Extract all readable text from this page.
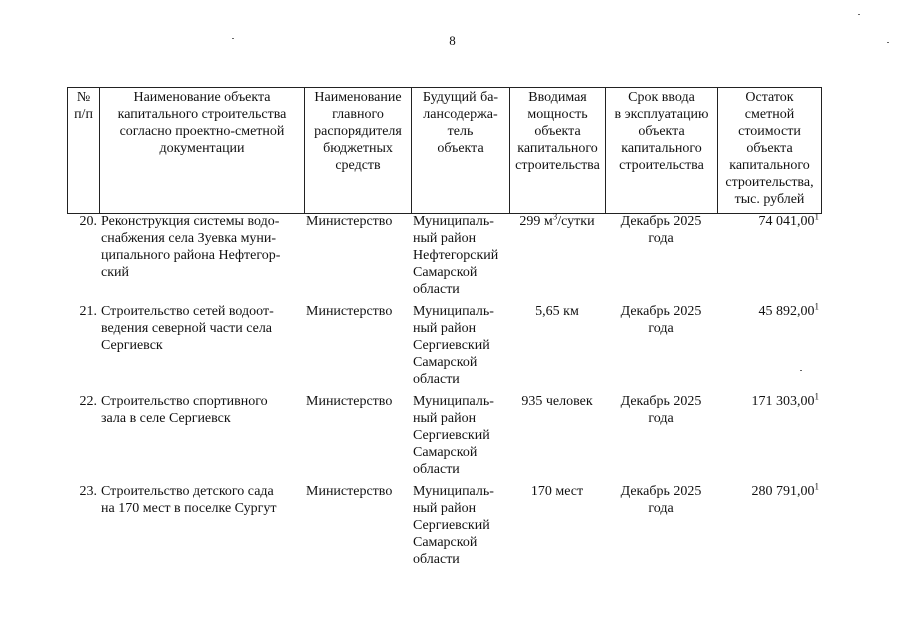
8
№
п/п	Наименование объекта
капитального строительства
согласно проектно-сметной
документации	Наименование
главного
распорядителя
бюджетных
средств	Будущий ба-
лансодержа-
тель
объекта	Вводимая
мощность
объекта
капитального
строительства	Срок ввода
в эксплуатацию
объекта
капитального
строительства	Остаток
сметной
стоимости
объекта
капитального
строительства,
тыс. рублей
20.	Реконструкция системы водо-
снабжения села Зуевка муни-
ципального района Нефтегор-
ский	Министерство	Муниципаль-
ный район
Нефтегорский
Самарской
области	299 $м^3$/сутки	Декабрь 2025
года	74 041,00$^1$
21.	Строительство сетей водоот-
ведения северной части села
Сергиевск	Министерство	Муниципаль-
ный район
Сергиевский
Самарской
области	5,65 км	Декабрь 2025
года	45 892,00$^1$
22.	Строительство спортивного
зала в селе Сергиевск	Министерство	Муниципаль-
ный район
Сергиевский
Самарской
области	935 человек	Декабрь 2025
года	171 303,00$^1$
23.	Строительство детского сада
на 170 мест в поселке Сургут	Министерство	Муниципаль-
ный район
Сергиевский
Самарской
области	170 мест	Декабрь 2025
года	280 791,00$^1$
